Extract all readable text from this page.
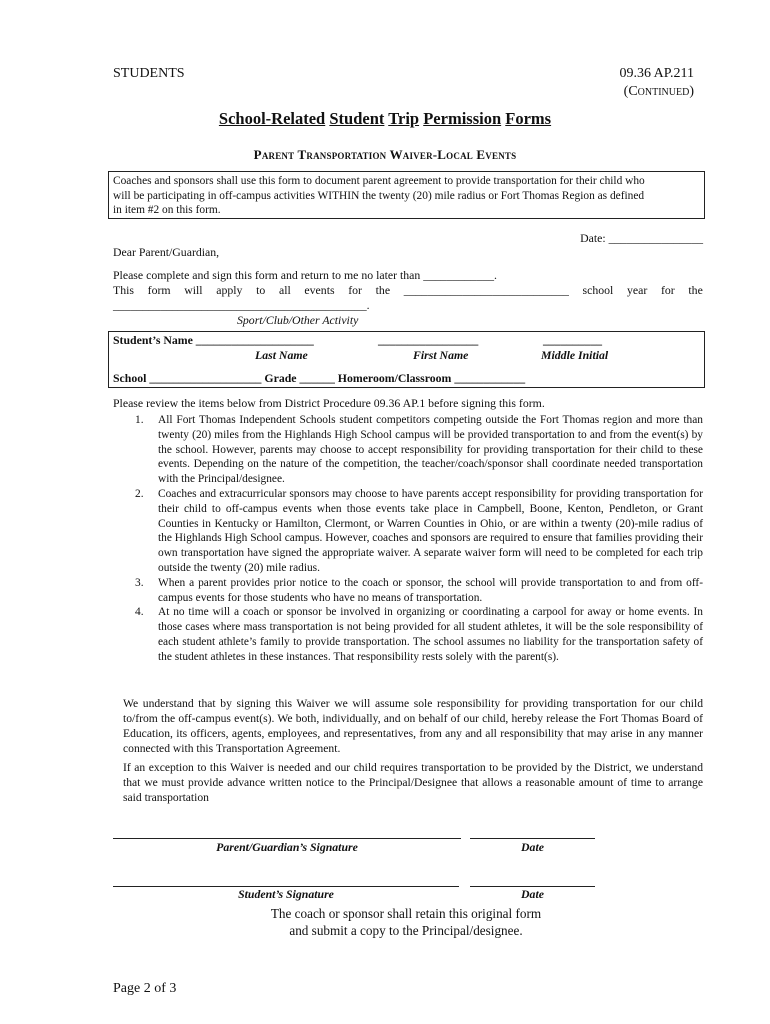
STUDENTS	09.36 AP.211
(Continued)
School-Related Student Trip Permission Forms
Parent Transportation Waiver-Local Events
Coaches and sponsors shall use this form to document parent agreement to provide transportation for their child who
will be participating in off-campus activities WITHIN the twenty (20) mile radius or Fort Thomas Region as defined
in item #2 on this form.
Date: ________________
Dear Parent/Guardian,
Please complete and sign this form and return to me no later than ____________.
This form will apply to all events for the ____________________________ school year for the
___________________________________________.
Sport/Club/Other Activity
Student’s Name ____________________	_________________	__________
Last Name	First Name	Middle Initial
School ___________________ Grade ______ Homeroom/Classroom ____________
Please review the items below from District Procedure 09.36 AP.1 before signing this form.
1. All Fort Thomas Independent Schools student competitors competing outside the Fort Thomas region and more than twenty (20) miles from the Highlands High School campus will be provided transportation to and from the event(s) by the school. However, parents may choose to accept responsibility for providing transportation for their child to these events. Depending on the nature of the competition, the teacher/coach/sponsor shall coordinate needed transportation with the Principal/designee.
2. Coaches and extracurricular sponsors may choose to have parents accept responsibility for providing transportation for their child to off-campus events when those events take place in Campbell, Boone, Kenton, Pendleton, or Grant Counties in Kentucky or Hamilton, Clermont, or Warren Counties in Ohio, or are within a twenty (20)-mile radius of the Highlands High School campus. However, coaches and sponsors are required to ensure that families providing their own transportation have signed the appropriate waiver. A separate waiver form will need to be completed for each trip outside the twenty (20) mile radius.
3. When a parent provides prior notice to the coach or sponsor, the school will provide transportation to and from off-campus events for those students who have no means of transportation.
4. At no time will a coach or sponsor be involved in organizing or coordinating a carpool for away or home events. In those cases where mass transportation is not being provided for all student athletes, it will be the sole responsibility of each student athlete’s family to provide transportation. The school assumes no liability for the transportation safety of the student athletes in these instances. That responsibility rests solely with the parent(s).
We understand that by signing this Waiver we will assume sole responsibility for providing transportation for our child to/from the off-campus event(s). We both, individually, and on behalf of our child, hereby release the Fort Thomas Board of Education, its officers, agents, employees, and representatives, from any and all responsibility that may arise in any manner connected with this Transportation Agreement.
If an exception to this Waiver is needed and our child requires transportation to be provided by the District, we understand that we must provide advance written notice to the Principal/Designee that allows a reasonable amount of time to arrange said transportation
Parent/Guardian’s Signature	Date
Student’s Signature	Date
The coach or sponsor shall retain this original form
and submit a copy to the Principal/designee.
Page 2 of 3
